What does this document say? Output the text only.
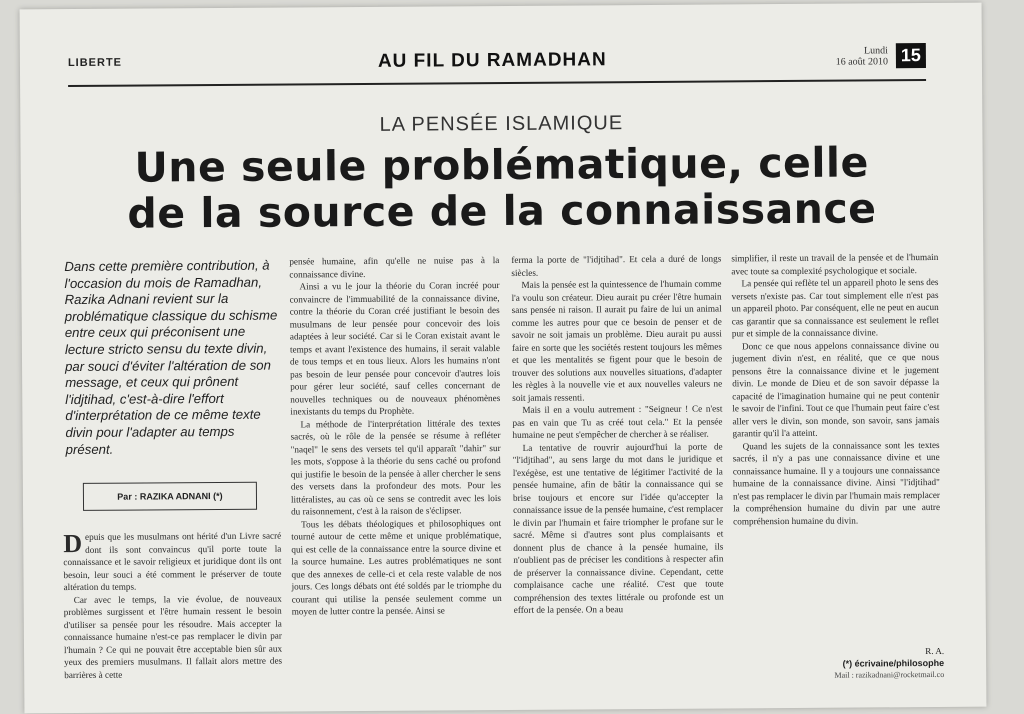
LIBERTE	AU FIL DU RAMADHAN	Lundi
16 août 2010 15
LA PENSÉE ISLAMIQUE
Une seule problématique, celle
de la source de la connaissance
Dans cette première contribution, à l'occasion du mois de Ramadhan, Razika Adnani revient sur la problématique classique du schisme entre ceux qui préconisent une lecture stricto sensu du texte divin, par souci d'éviter l'altération de son message, et ceux qui prônent l'idjtihad, c'est-à-dire l'effort d'interprétation de ce même texte divin pour l'adapter au temps présent.
Par : RAZIKA ADNANI (*)

Depuis que les musulmans ont hérité d'un Livre sacré dont ils sont convaincus qu'il porte toute la connaissance et le savoir religieux et juridique dont ils ont besoin, leur souci a été comment le préserver de toute altération du temps.

Car avec le temps, la vie évolue, de nouveaux problèmes surgissent et l'être humain ressent le besoin d'utiliser sa pensée pour les résoudre. Mais accepter la connaissance humaine n'est-ce pas remplacer le divin par l'humain ? Ce qui ne pouvait être acceptable bien sûr aux yeux des premiers musulmans. Il fallait alors mettre des barrières à cette

pensée humaine, afin qu'elle ne nuise pas à la connaissance divine.

Ainsi a vu le jour la théorie du Coran incréé pour convaincre de l'immuabilité de la connaissance divine, contre la théorie du Coran créé justifiant le besoin des musulmans de leur pensée pour concevoir des lois adaptées à leur société. Car si le Coran existait avant le temps et avant l'existence des humains, il serait valable de tous temps et en tous lieux. Alors les humains n'ont pas besoin de leur pensée pour concevoir d'autres lois pour gérer leur société, sauf celles concernant de nouvelles techniques ou de nouveaux phénomènes inexistants du temps du Prophète.

La méthode de l'interprétation littérale des textes sacrés, où le rôle de la pensée se résume à refléter "naqel" le sens des versets tel qu'il apparaît "dahir" sur les mots, s'oppose à la théorie du sens caché ou profond qui justifie le besoin de la pensée à aller chercher le sens des versets dans la profondeur des mots. Pour les littéralistes, au cas où ce sens se contredit avec les lois du raisonnement, c'est à la raison de s'éclipser.

Tous les débats théologiques et philosophiques ont tourné autour de cette même et unique problématique, qui est celle de la connaissance entre la source divine et la source humaine. Les autres problématiques ne sont que des annexes de celle-ci et cela reste valable de nos jours. Ces longs débats ont été soldés par le triomphe du courant qui utilise la pensée seulement comme un moyen de lutter contre la pensée. Ainsi se

ferma la porte de "l'idjtihad". Et cela a duré de longs siècles.

Mais la pensée est la quintessence de l'humain comme l'a voulu son créateur. Dieu aurait pu créer l'être humain sans pensée ni raison. Il aurait pu faire de lui un animal comme les autres pour que ce besoin de penser et de savoir ne soit jamais un problème. Dieu aurait pu aussi faire en sorte que les sociétés restent toujours les mêmes et que les mentalités se figent pour que le besoin de trouver des solutions aux nouvelles situations, d'adapter les règles à la nouvelle vie et aux nouvelles valeurs ne soit jamais ressenti.

Mais il en a voulu autrement : "Seigneur ! Ce n'est pas en vain que Tu as créé tout cela." Et la pensée humaine ne peut s'empêcher de chercher à se réaliser.

La tentative de rouvrir aujourd'hui la porte de "l'idjtihad", au sens large du mot dans le juridique et l'exégèse, est une tentative de légitimer l'activité de la pensée humaine, afin de bâtir la connaissance qui se brise toujours et encore sur l'idée qu'accepter la connaissance issue de la pensée humaine, c'est remplacer le divin par l'humain et faire triompher le profane sur le sacré. Même si d'autres sont plus complaisants et donnent plus de chance à la pensée humaine, ils n'oublient pas de préciser les conditions à respecter afin de préserver la connaissance divine. Cependant, cette complaisance cache une réalité. C'est que toute compréhension des textes littérale ou profonde est un effort de la pensée. On a beau

simplifier, il reste un travail de la pensée et de l'humain avec toute sa complexité psychologique et sociale.

La pensée qui reflète tel un appareil photo le sens des versets n'existe pas. Car tout simplement elle n'est pas un appareil photo. Par conséquent, elle ne peut en aucun cas garantir que sa connaissance est seulement le reflet pur et simple de la connaissance divine.

Donc ce que nous appelons connaissance divine ou jugement divin n'est, en réalité, que ce que nous pensons être la connaissance divine et le jugement divin. Le monde de Dieu et de son savoir dépasse la capacité de l'imagination humaine qui ne peut contenir le savoir de l'infini. Tout ce que l'humain peut faire c'est aller vers le divin, son monde, son savoir, sans jamais garantir qu'il l'a atteint.

Quand les sujets de la connaissance sont les textes sacrés, il n'y a pas une connaissance divine et une connaissance humaine. Il y a toujours une connaissance humaine de la connaissance divine. Ainsi "l'idjtihad" n'est pas remplacer le divin par l'humain mais remplacer la compréhension humaine du divin par une autre compréhension humaine du divin.

R. A.
(*) écrivaine/philosophe
Mail : razikadnani@rocketmail.co
